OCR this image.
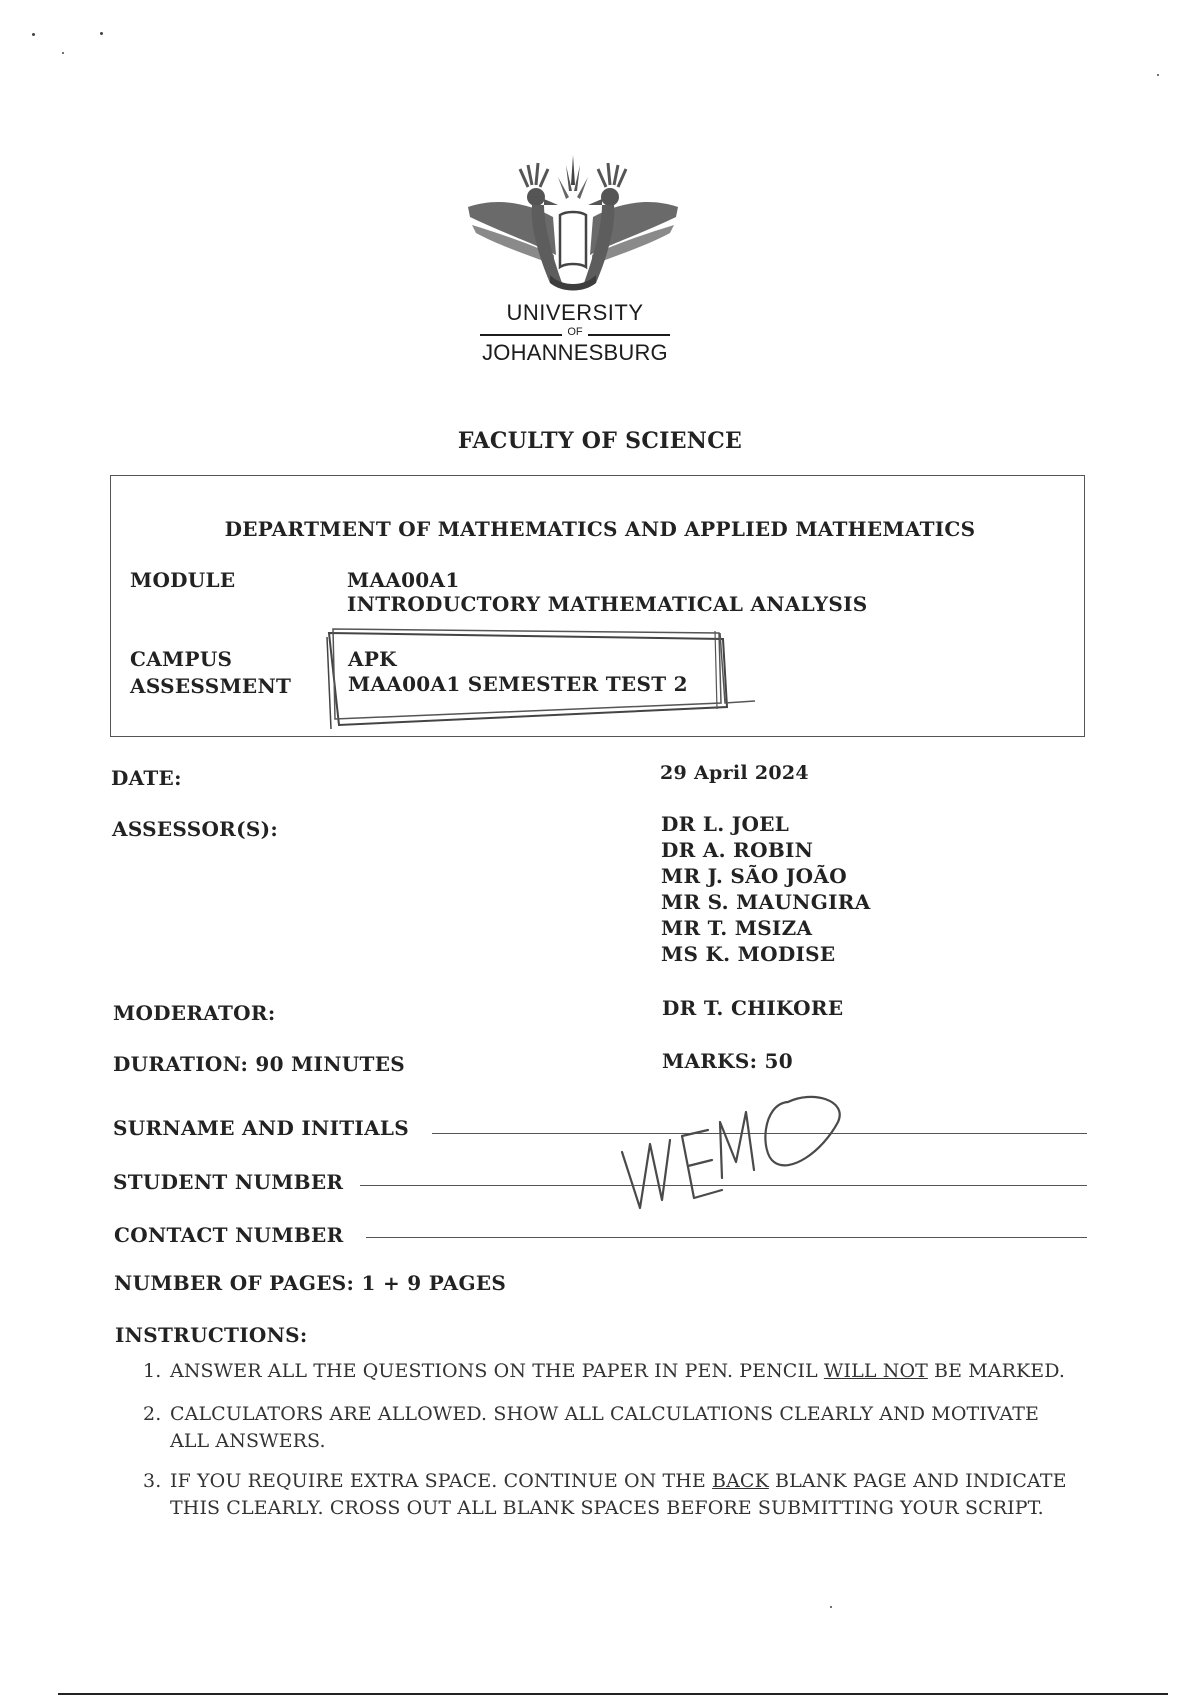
UNIVERSITY
OF
JOHANNESBURG
FACULTY OF SCIENCE
DEPARTMENT OF MATHEMATICS AND APPLIED MATHEMATICS
MODULE	MAA00A1
INTRODUCTORY MATHEMATICAL ANALYSIS
CAMPUS	APK
ASSESSMENT	MAA00A1 SEMESTER TEST 2
DATE:	29 April 2024
ASSESSOR(S):	DR L. JOEL
DR A. ROBIN
MR J. SÃO JOÃO
MR S. MAUNGIRA
MR T. MSIZA
MS K. MODISE
MODERATOR:	DR T. CHIKORE
DURATION: 90 MINUTES	MARKS: 50
SURNAME AND INITIALS
STUDENT NUMBER
CONTACT NUMBER
NUMBER OF PAGES: 1 + 9 PAGES
INSTRUCTIONS:
1. ANSWER ALL THE QUESTIONS ON THE PAPER IN PEN. PENCIL WILL NOT BE MARKED.
2. CALCULATORS ARE ALLOWED. SHOW ALL CALCULATIONS CLEARLY AND MOTIVATE
ALL ANSWERS.
3. IF YOU REQUIRE EXTRA SPACE. CONTINUE ON THE BACK BLANK PAGE AND INDICATE
THIS CLEARLY. CROSS OUT ALL BLANK SPACES BEFORE SUBMITTING YOUR SCRIPT.
